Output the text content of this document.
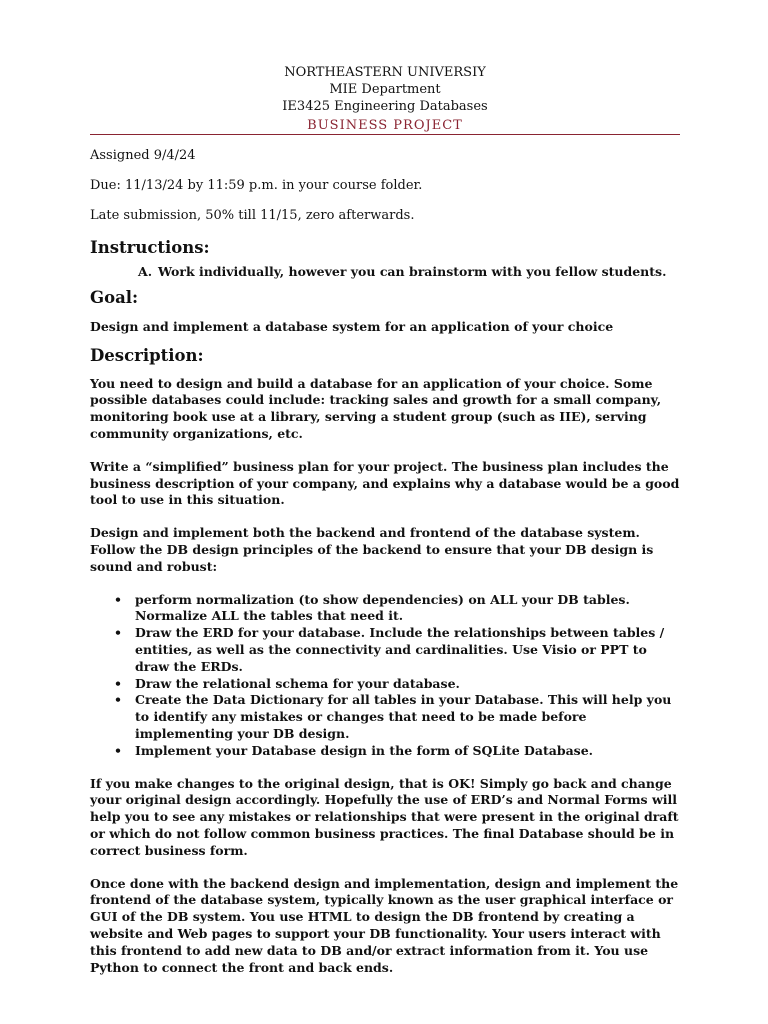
NORTHEASTERN UNIVERSIY
MIE Department
IE3425 Engineering Databases
BUSINESS PROJECT

Assigned 9/4/24

Due: 11/13/24 by 11:59 p.m. in your course folder.

Late submission, 50% till 11/15, zero afterwards.

Instructions:
A. Work individually, however you can brainstorm with you fellow students.
Goal:
Design and implement a database system for an application of your choice
Description:

You need to design and build a database for an application of your choice. Some possible databases could include: tracking sales and growth for a small company, monitoring book use at a library, serving a student group (such as IIE), serving community organizations, etc.

Write a “simplified” business plan for your project. The business plan includes the business description of your company, and explains why a database would be a good tool to use in this situation.

Design and implement both the backend and frontend of the database system. Follow the DB design principles of the backend to ensure that your DB design is sound and robust:

• perform normalization (to show dependencies) on ALL your DB tables. Normalize ALL the tables that need it.
• Draw the ERD for your database. Include the relationships between tables / entities, as well as the connectivity and cardinalities. Use Visio or PPT to draw the ERDs.
• Draw the relational schema for your database.
• Create the Data Dictionary for all tables in your Database. This will help you to identify any mistakes or changes that need to be made before implementing your DB design.
• Implement your Database design in the form of SQLite Database.

If you make changes to the original design, that is OK! Simply go back and change your original design accordingly. Hopefully the use of ERD’s and Normal Forms will help you to see any mistakes or relationships that were present in the original draft or which do not follow common business practices. The final Database should be in correct business form.

Once done with the backend design and implementation, design and implement the frontend of the database system, typically known as the user graphical interface or GUI of the DB system. You use HTML to design the DB frontend by creating a website and Web pages to support your DB functionality. Your users interact with this frontend to add new data to DB and/or extract information from it. You use Python to connect the front and back ends.
